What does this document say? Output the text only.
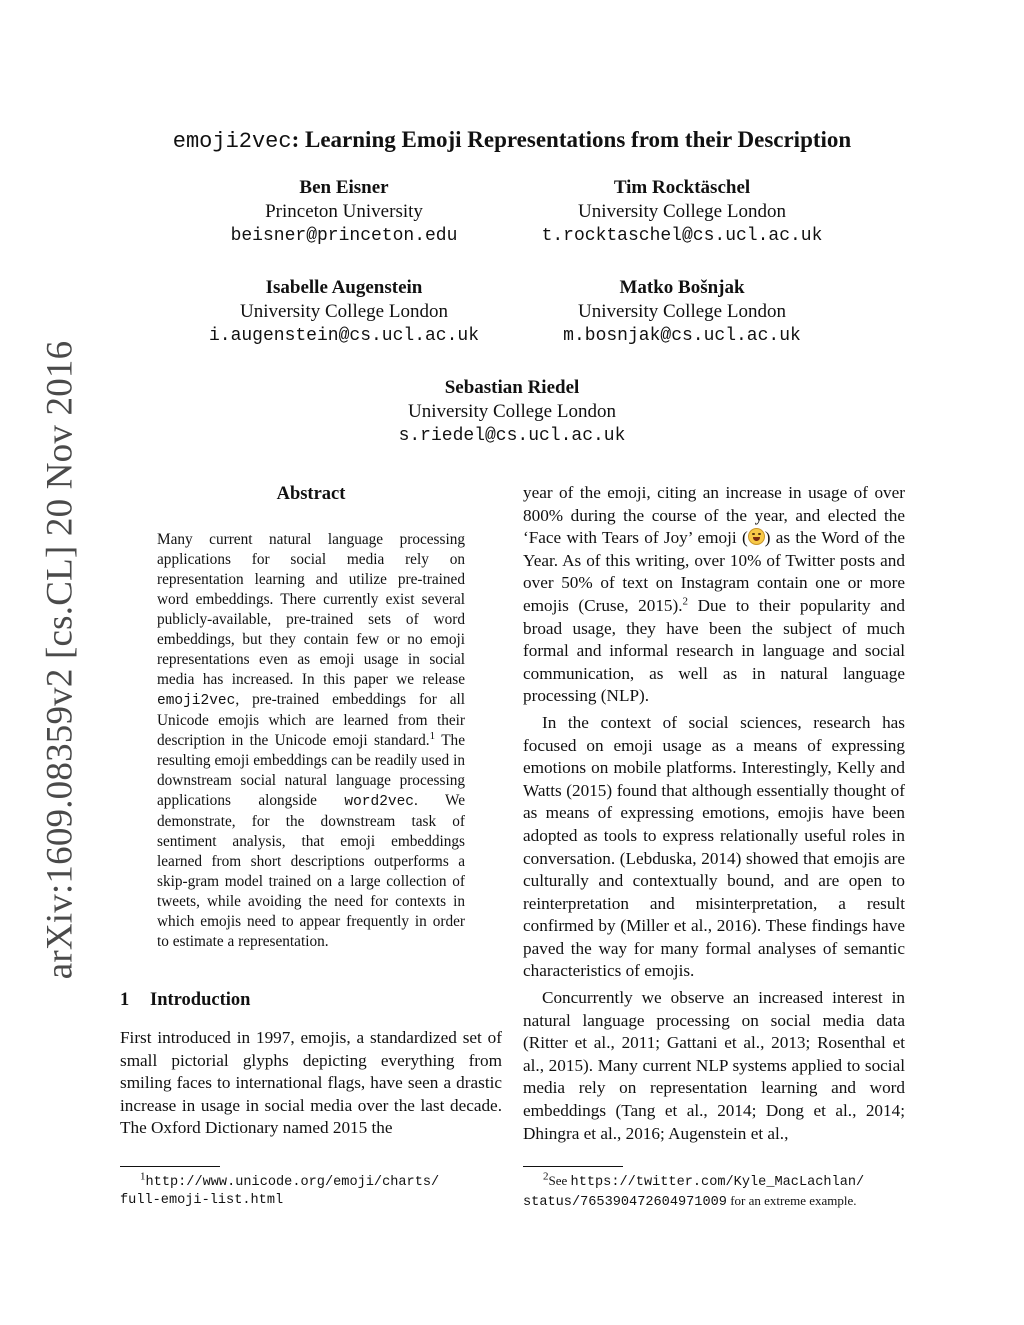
arXiv:1609.08359v2 [cs.CL] 20 Nov 2016
emoji2vec: Learning Emoji Representations from their Description
Ben Eisner
Princeton University
beisner@princeton.edu
Tim Rocktäschel
University College London
t.rocktaschel@cs.ucl.ac.uk
Isabelle Augenstein
University College London
i.augenstein@cs.ucl.ac.uk
Matko Bošnjak
University College London
m.bosnjak@cs.ucl.ac.uk
Sebastian Riedel
University College London
s.riedel@cs.ucl.ac.uk
Abstract
Many current natural language processing applications for social media rely on representation learning and utilize pre-trained word embeddings. There currently exist several publicly-available, pre-trained sets of word embeddings, but they contain few or no emoji representations even as emoji usage in social media has increased. In this paper we release emoji2vec, pre-trained embeddings for all Unicode emojis which are learned from their description in the Unicode emoji standard.$^1$ The resulting emoji embeddings can be readily used in downstream social natural language processing applications alongside word2vec. We demonstrate, for the downstream task of sentiment analysis, that emoji embeddings learned from short descriptions outperforms a skip-gram model trained on a large collection of tweets, while avoiding the need for contexts in which emojis need to appear frequently in order to estimate a representation.
1 Introduction

First introduced in 1997, emojis, a standardized set of small pictorial glyphs depicting everything from smiling faces to international flags, have seen a drastic increase in usage in social media over the last decade. The Oxford Dictionary named 2015 the

year of the emoji, citing an increase in usage of over 800% during the course of the year, and elected the ‘Face with Tears of Joy’ emoji ( ) as the Word of the Year. As of this writing, over 10% of Twitter posts and over 50% of text on Instagram contain one or more emojis (Cruse, 2015).$^2$ Due to their popularity and broad usage, they have been the subject of much formal and informal research in language and social communication, as well as in natural language processing (NLP).

In the context of social sciences, research has focused on emoji usage as a means of expressing emotions on mobile platforms. Interestingly, Kelly and Watts (2015) found that although essentially thought of as means of expressing emotions, emojis have been adopted as tools to express relationally useful roles in conversation. (Lebduska, 2014) showed that emojis are culturally and contextually bound, and are open to reinterpretation and misinterpretation, a result confirmed by (Miller et al., 2016). These findings have paved the way for many formal analyses of semantic characteristics of emojis.

Concurrently we observe an increased interest in natural language processing on social media data (Ritter et al., 2011; Gattani et al., 2013; Rosenthal et al., 2015). Many current NLP systems applied to social media rely on representation learning and word embeddings (Tang et al., 2014; Dong et al., 2014; Dhingra et al., 2016; Augenstein et al.,

$^1$http://www.unicode.org/emoji/charts/
full-emoji-list.html
$^2$See https://twitter.com/Kyle_MacLachlan/
status/765390472604971009 for an extreme example.
